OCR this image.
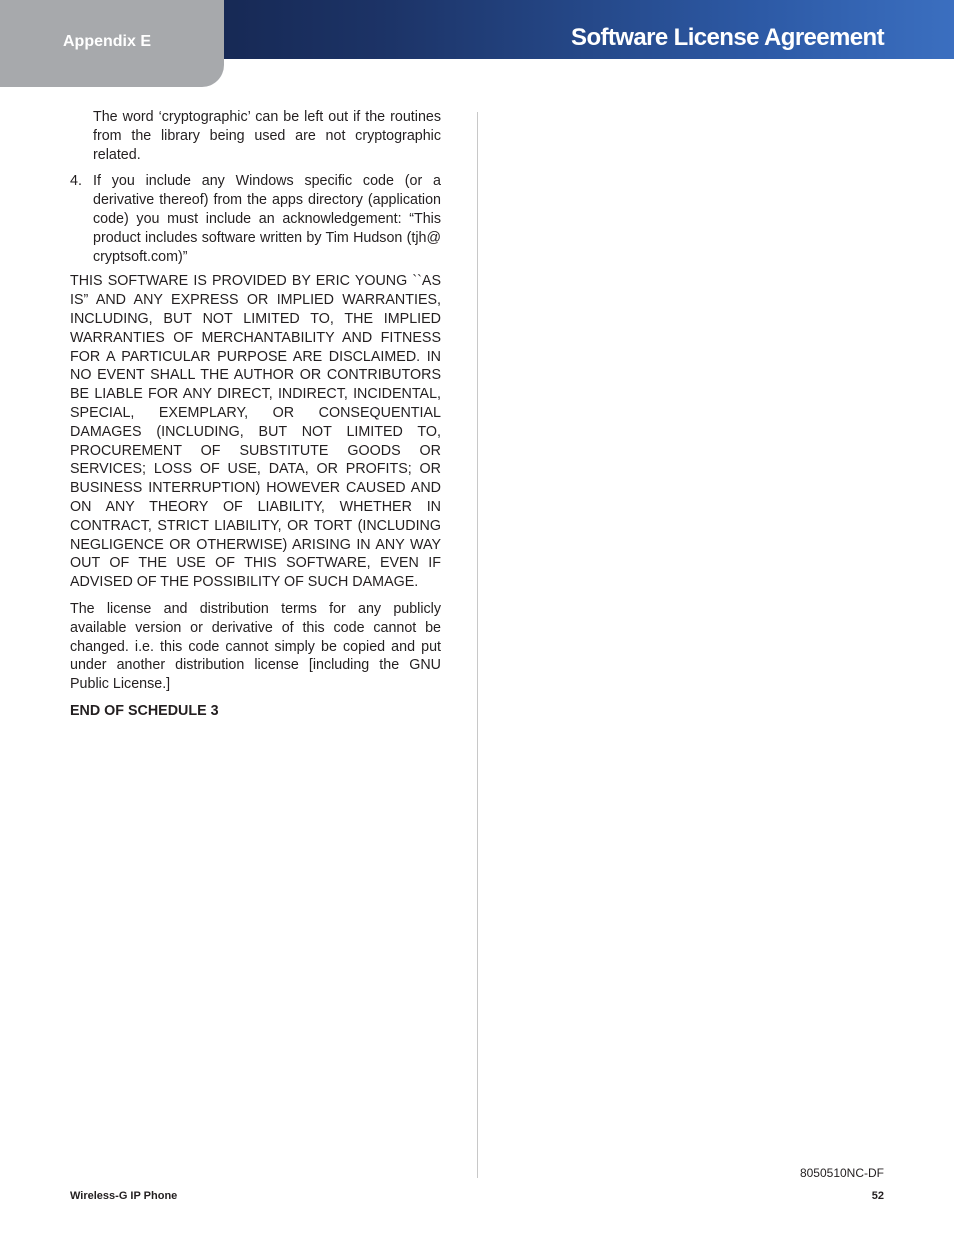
Appendix E	Software License Agreement

The word ‘cryptographic’ can be left out if the routines from the library being used are not cryptographic related.

4. If you include any Windows specific code (or a derivative thereof) from the apps directory (application code) you must include an acknowledgement: “This product includes software written by Tim Hudson (tjh@ cryptsoft.com)”

THIS SOFTWARE IS PROVIDED BY ERIC YOUNG ``AS IS” AND ANY EXPRESS OR IMPLIED WARRANTIES, INCLUDING, BUT NOT LIMITED TO, THE IMPLIED WARRANTIES OF MERCHANTABILITY AND FITNESS FOR A PARTICULAR PURPOSE ARE DISCLAIMED. IN NO EVENT SHALL THE AUTHOR OR CONTRIBUTORS BE LIABLE FOR ANY DIRECT, INDIRECT, INCIDENTAL, SPECIAL, EXEMPLARY, OR CONSEQUENTIAL DAMAGES (INCLUDING, BUT NOT LIMITED TO, PROCUREMENT OF SUBSTITUTE GOODS OR SERVICES; LOSS OF USE, DATA, OR PROFITS; OR BUSINESS INTERRUPTION) HOWEVER CAUSED AND ON ANY THEORY OF LIABILITY, WHETHER IN CONTRACT, STRICT LIABILITY, OR TORT (INCLUDING NEGLIGENCE OR OTHERWISE) ARISING IN ANY WAY OUT OF THE USE OF THIS SOFTWARE, EVEN IF ADVISED OF THE POSSIBILITY OF SUCH DAMAGE.

The license and distribution terms for any publicly available version or derivative of this code cannot be changed. i.e. this code cannot simply be copied and put under another distribution license [including the GNU Public License.]

END OF SCHEDULE 3
8050510NC-DF
Wireless-G IP Phone	52
